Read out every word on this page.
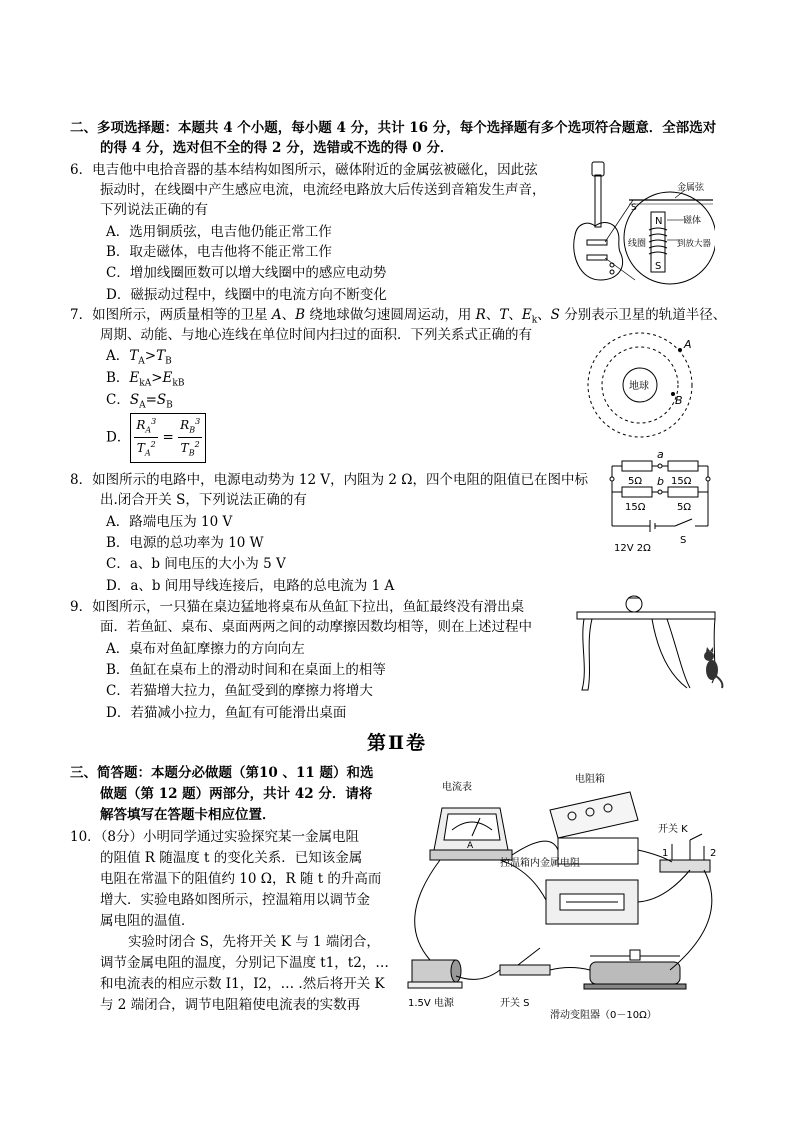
二、多项选择题：本题共 4 个小题，每小题 4 分，共计 16 分，每个选择题有多个选项符合题意．全部选对
的得 4 分，选对但不全的得 2 分，选错或不选的得 0 分．
6．电吉他中电拾音器的基本结构如图所示，磁体附近的金属弦被磁化，因此弦
振动时，在线圈中产生感应电流，电流经电路放大后传送到音箱发生声音，
下列说法正确的有
A．选用铜质弦，电吉他仍能正常工作
B．取走磁体，电吉他将不能正常工作
C．增加线圈匝数可以增大线圈中的感应电动势
D．磁振动过程中，线圈中的电流方向不断变化
N
S
S
金属弦
磁体
线圈	到放大器
7．如图所示，两质量相等的卫星 A、B 绕地球做匀速圆周运动，用 R、T、$E_k$、S 分别表示卫星的轨道半径、
周期、动能、与地心连线在单位时间内扫过的面积．下列关系式正确的有
A．$T_A>T_B$
B．$E_{kA}>E_{kB}$
C．$S_A=S_B$
D． $\frac{R_A^3}{T_A^2} = \frac{R_B^3}{T_B^2}$
地球
A
B
8．如图所示的电路中，电源电动势为 12 V，内阻为 2 Ω，四个电阻的阻值已在图中标
出.闭合开关 S，下列说法正确的有
A．路端电压为 10 V
B．电源的总功率为 10 W
C．a、b 间电压的大小为 5 V
D．a、b 间用导线连接后，电路的总电流为 1 A
a
b
5Ω	15Ω
15Ω	5Ω
12V 2Ω
S
9．如图所示，一只猫在桌边猛地将桌布从鱼缸下拉出，鱼缸最终没有滑出桌
面．若鱼缸、桌布、桌面两两之间的动摩擦因数均相等，则在上述过程中
A．桌布对鱼缸摩擦力的方向向左
B．鱼缸在桌布上的滑动时间和在桌面上的相等
C．若猫增大拉力，鱼缸受到的摩擦力将增大
D．若猫减小拉力，鱼缸有可能滑出桌面
第Ⅱ卷
三、简答题：本题分必做题（第10 、11 题）和选
做题（第 12 题）两部分，共计 42 分．请将
解答填写在答题卡相应位置．
10．（8分）小明同学通过实验探究某一金属电阻
的阻值 R 随温度 t 的变化关系．已知该金属
电阻在常温下的阻值约 10 Ω，R 随 t 的升高而
增大．实验电路如图所示，控温箱用以调节金
属电阻的温值．
实验时闭合 S，先将开关 K 与 1 端闭合，
调节金属电阻的温度，分别记下温度 t1，t2，…
和电流表的相应示数 I1，I2，… .然后将开关 K
与 2 端闭合，调节电阻箱使电流表的实数再
电流表
A
电阻箱
开关 K
1	2
控温箱内金属电阻
1.5V 电源	开关 S
滑动变阻器（0－10Ω）
